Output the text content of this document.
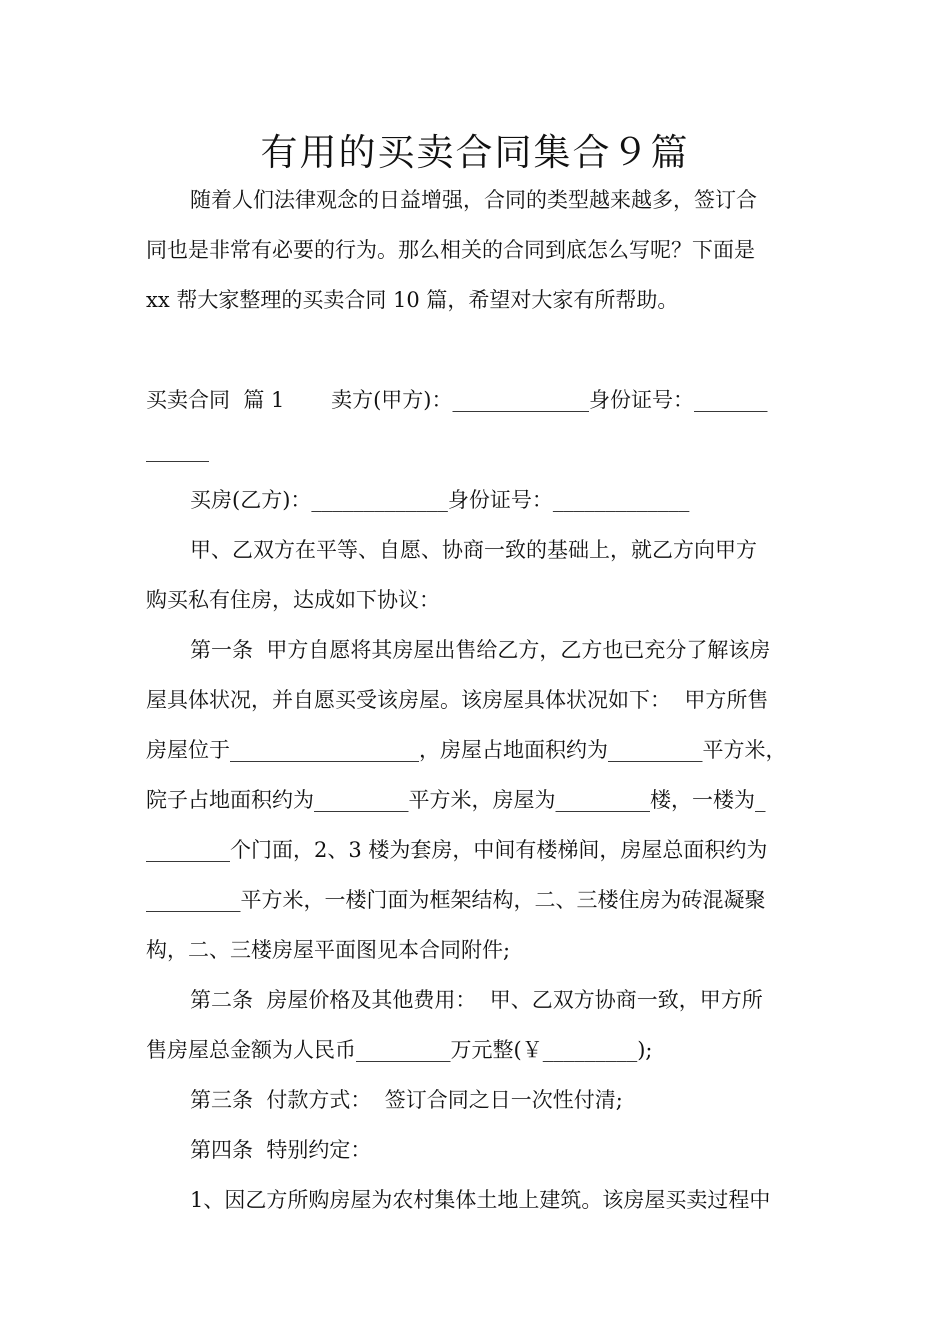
有用的买卖合同集合９篇
随着人们法律观念的日益增强，合同的类型越来越多，签订合
同也是非常有必要的行为。那么相关的合同到底怎么写呢？下面是
xx 帮大家整理的买卖合同 10 篇，希望对大家有所帮助。
买卖合同  篇 1       卖方(甲方)：_____________身份证号：_______
______
买房(乙方)：_____________身份证号：_____________
甲、乙双方在平等、自愿、协商一致的基础上，就乙方向甲方
购买私有住房，达成如下协议：
第一条  甲方自愿将其房屋出售给乙方，乙方也已充分了解该房
屋具体状况，并自愿买受该房屋。该房屋具体状况如下：  甲方所售
房屋位于__________________，房屋占地面积约为_________平方米，
院子占地面积约为_________平方米，房屋为_________楼，一楼为_
________个门面，2、3 楼为套房，中间有楼梯间，房屋总面积约为
_________平方米，一楼门面为框架结构，二、三楼住房为砖混凝聚
构，二、三楼房屋平面图见本合同附件;
第二条  房屋价格及其他费用：  甲、乙双方协商一致，甲方所
售房屋总金额为人民币_________万元整(￥_________);
第三条  付款方式：  签订合同之日一次性付清;
第四条  特别约定：
1、因乙方所购房屋为农村集体土地上建筑。该房屋买卖过程中
